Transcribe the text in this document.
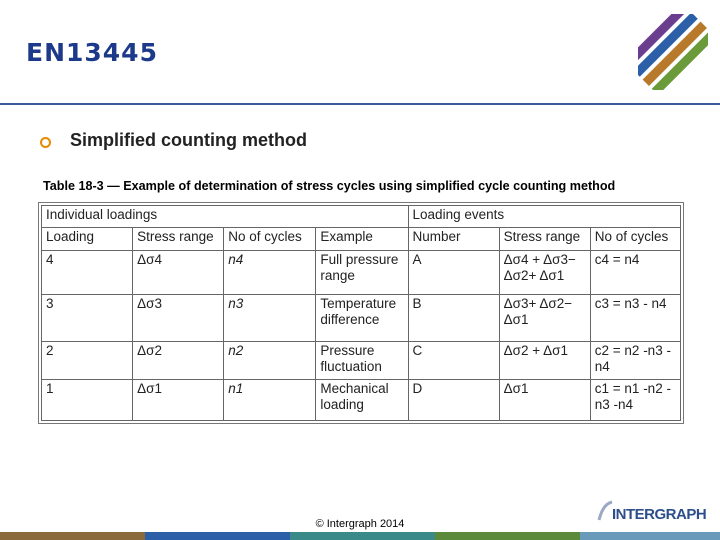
EN13445
Simplified counting method
Table 18-3 — Example of determination of stress cycles using simplified cycle counting method
Individual loadings				Loading events		
Loading	Stress range	No of cycles	Example	Number	Stress range	No of cycles
4	Δσ4	n4	Full pressure range	A	Δσ4 + Δσ3− Δσ2+ Δσ1	c4 = n4
3	Δσ3	n3	Temperature difference	B	Δσ3+ Δσ2− Δσ1	c3 = n3 - n4
2	Δσ2	n2	Pressure fluctuation	C	Δσ2 + Δσ1	c2 = n2 -n3 -n4
1	Δσ1	n1	Mechanical loading	D	Δσ1	c1 = n1 -n2 -n3 -n4
© Intergraph 2014
INTERGRAPH
